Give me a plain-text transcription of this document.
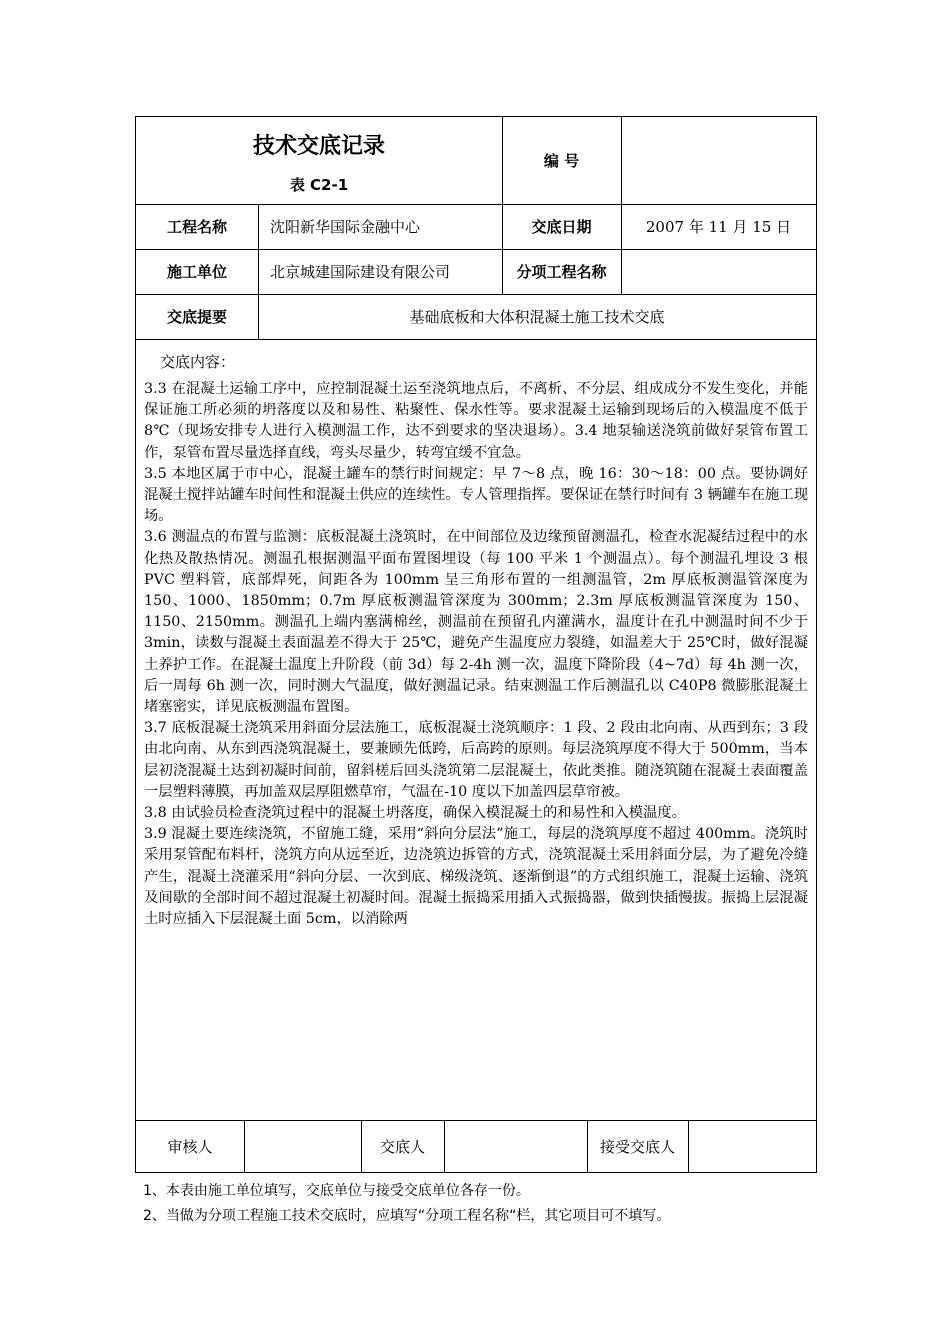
技术交底记录
表 C2-1
编 号
工程名称	沈阳新华国际金融中心	交底日期	2007 年 11 月 15 日
施工单位	北京城建国际建设有限公司	分项工程名称
交底提要	基础底板和大体积混凝土施工技术交底
交底内容：

3.3 在混凝土运输工序中，应控制混凝土运至浇筑地点后，不离析、不分层、组成成分不发生变化，并能保证施工所必须的坍落度以及和易性、粘聚性、保水性等。要求混凝土运输到现场后的入模温度不低于 8℃（现场安排专人进行入模测温工作，达不到要求的坚决退场）。3.4 地泵输送浇筑前做好泵管布置工作，泵管布置尽量选择直线，弯头尽量少，转弯宜缓不宜急。

3.5 本地区属于市中心，混凝土罐车的禁行时间规定：早 7～8 点，晚 16：30～18：00 点。要协调好混凝土搅拌站罐车时间性和混凝土供应的连续性。专人管理指挥。要保证在禁行时间有 3 辆罐车在施工现场。

3.6 测温点的布置与监测：底板混凝土浇筑时，在中间部位及边缘预留测温孔，检查水泥凝结过程中的水化热及散热情况。测温孔根据测温平面布置图埋设（每 100 平米 1 个测温点）。每个测温孔埋设 3 根 PVC 塑料管，底部焊死，间距各为 100mm 呈三角形布置的一组测温管，2m 厚底板测温管深度为 150、1000、1850mm；0.7m 厚底板测温管深度为 300mm；2.3m 厚底板测温管深度为 150、1150、2150mm。测温孔上端内塞满棉丝，测温前在预留孔内灌满水，温度计在孔中测温时间不少于 3min，读数与混凝土表面温差不得大于 25℃，避免产生温度应力裂缝，如温差大于 25℃时，做好混凝土养护工作。在混凝土温度上升阶段（前 3d）每 2-4h 测一次，温度下降阶段（4~7d）每 4h 测一次，后一周每 6h 测一次，同时测大气温度，做好测温记录。结束测温工作后测温孔以 C40P8 微膨胀混凝土堵塞密实，详见底板测温布置图。

3.7 底板混凝土浇筑采用斜面分层法施工，底板混凝土浇筑顺序：1 段、2 段由北向南、从西到东；3 段由北向南、从东到西浇筑混凝土，要兼顾先低跨，后高跨的原则。每层浇筑厚度不得大于 500mm，当本层初浇混凝土达到初凝时间前，留斜槎后回头浇筑第二层混凝土，依此类推。随浇筑随在混凝土表面覆盖一层塑料薄膜，再加盖双层厚阻燃草帘，气温在-10 度以下加盖四层草帘被。

3.8 由试验员检查浇筑过程中的混凝土坍落度，确保入模混凝土的和易性和入模温度。

3.9 混凝土要连续浇筑，不留施工缝，采用“斜向分层法”施工，每层的浇筑厚度不超过 400mm。浇筑时采用泵管配布料杆，浇筑方向从远至近，边浇筑边拆管的方式，浇筑混凝土采用斜面分层，为了避免冷缝产生，混凝土浇灌采用“斜向分层、一次到底、梯级浇筑、逐渐倒退”的方式组织施工，混凝土运输、浇筑及间歇的全部时间不超过混凝土初凝时间。混凝土振捣采用插入式振捣器，做到快插慢拔。振捣上层混凝土时应插入下层混凝土面 5cm，以消除两

审核人	交底人	接受交底人
1、本表由施工单位填写，交底单位与接受交底单位各存一份。
2、当做为分项工程施工技术交底时，应填写“分项工程名称“栏，其它项目可不填写。
